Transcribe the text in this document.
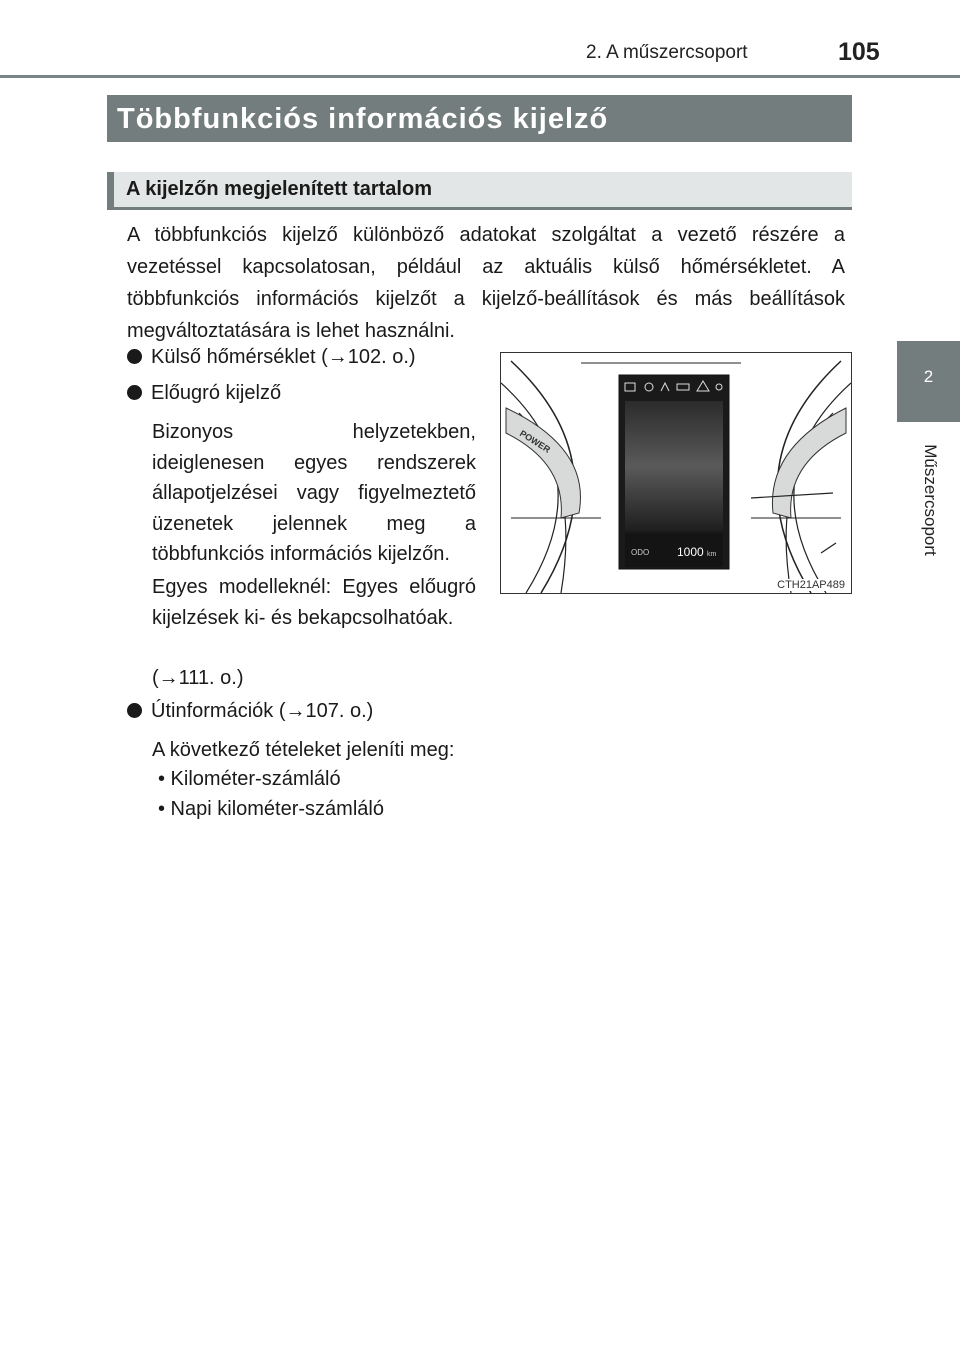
2. A műszercsoport	105
2
Műszercsoport
Többfunkciós információs kijelző
A kijelzőn megjelenített tartalom

A többfunkciós kijelző különböző adatokat szolgáltat a vezető részére a vezetéssel kapcsolatosan, például az aktuális külső hőmérsékletet. A többfunkciós információs kijelzőt a kijelző-beállítások és más beállítások megváltoztatására is lehet használni.

Külső hőmérséklet (→102. o.)
Előugró kijelző

Bizonyos helyzetekben, ideiglenesen egyes rendszerek állapotjelzései vagy figyelmeztető üzenetek jelennek meg a többfunkciós információs kijelzőn.

Egyes modelleknél: Egyes előugró kijelzések ki- és bekapcsolhatóak.

(→111. o.)
Útinformációk (→107. o.)
A következő tételeket jeleníti meg:
• Kilométer-számláló
• Napi kilométer-számláló
POWER
ODO 1000 km
CTH21AP489
